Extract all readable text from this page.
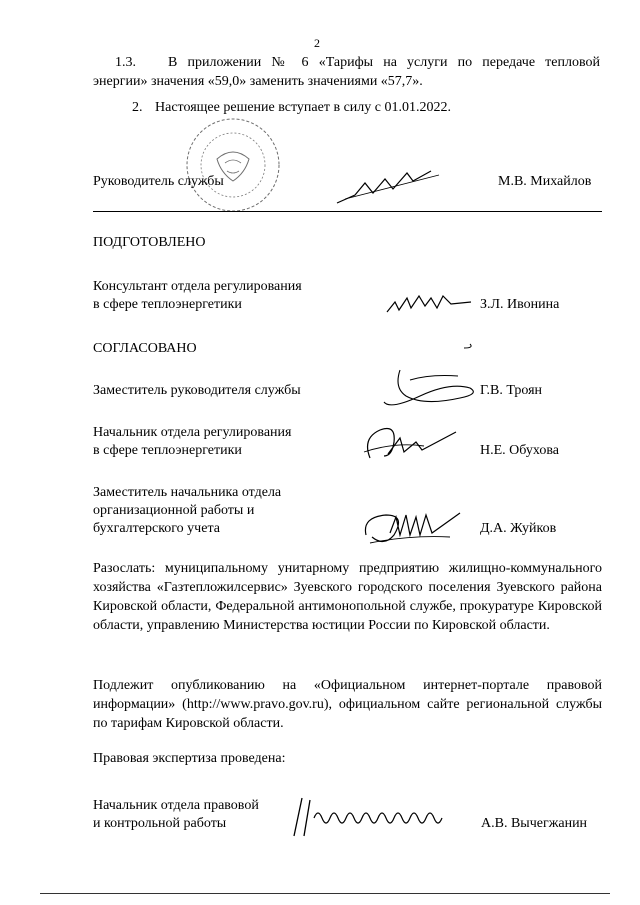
2
1.3. В приложении № 6 «Тарифы на услуги по передаче тепловой
энергии» значения «59,0» заменить значениями «57,7».
2. Настоящее решение вступает в силу с 01.01.2022.
Руководитель службы	М.В. Михайлов
ПОДГОТОВЛЕНО
Консультант отдела регулирования
в сфере теплоэнергетики	З.Л. Ивонина
СОГЛАСОВАНО
Заместитель руководителя службы	Г.В. Троян
Начальник отдела регулирования
в сфере теплоэнергетики	Н.Е. Обухова
Заместитель начальника отдела
организационной работы и
бухгалтерского учета	Д.А. Жуйков
Разослать: муниципальному унитарному предприятию жилищно-коммунального хозяйства «Газтепложилсервис» Зуевского городского поселения Зуевского района Кировской области, Федеральной антимонопольной службе, прокуратуре Кировской области, управлению Министерства юстиции России по Кировской области.
Подлежит опубликованию на «Официальном интернет-портале правовой информации» (http://www.pravo.gov.ru), официальном сайте региональной службы по тарифам Кировской области.
Правовая экспертиза проведена:
Начальник отдела правовой
и контрольной работы	А.В. Вычегжанин
